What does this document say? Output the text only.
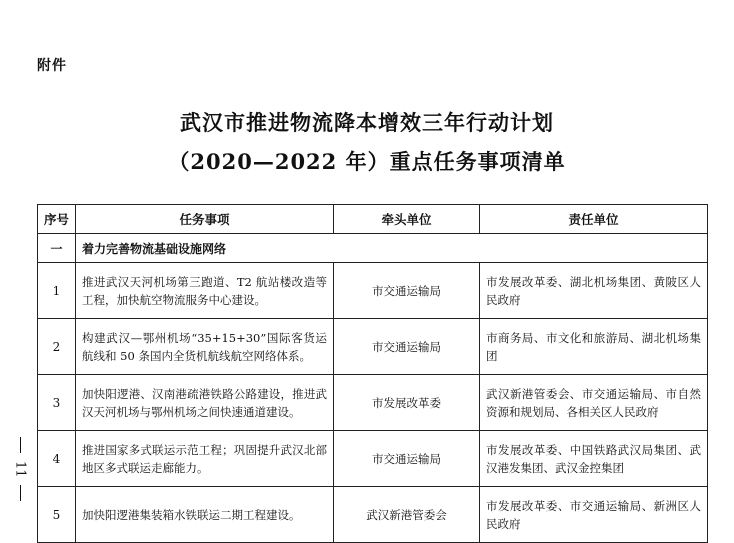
附件
武汉市推进物流降本增效三年行动计划
（2020—2022 年）重点任务事项清单
11
序号	任务事项	牵头单位	责任单位
一	着力完善物流基础设施网络		
1	推进武汉天河机场第三跑道、T2 航站楼改造等工程，加快航空物流服务中心建设。	市交通运输局	市发展改革委、湖北机场集团、黄陂区人民政府
2	构建武汉—鄂州机场“35+15+30”国际客货运航线和 50 条国内全货机航线航空网络体系。	市交通运输局	市商务局、市文化和旅游局、湖北机场集团
3	加快阳逻港、汉南港疏港铁路公路建设，推进武汉天河机场与鄂州机场之间快速通道建设。	市发展改革委	武汉新港管委会、市交通运输局、市自然资源和规划局、各相关区人民政府
4	推进国家多式联运示范工程；巩固提升武汉北部地区多式联运走廊能力。	市交通运输局	市发展改革委、中国铁路武汉局集团、武汉港发集团、武汉金控集团
5	加快阳逻港集装箱水铁联运二期工程建设。	武汉新港管委会	市发展改革委、市交通运输局、新洲区人民政府
